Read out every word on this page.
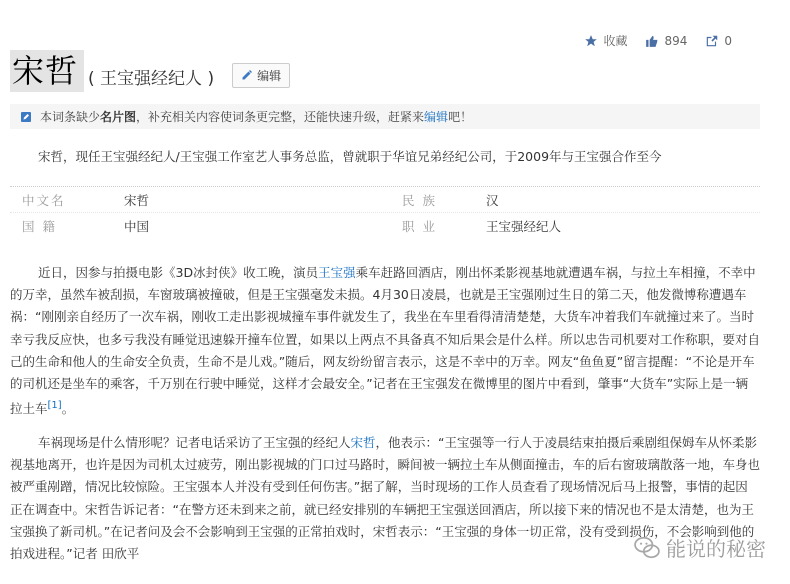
收藏	894	0
宋哲 ( 王宝强经纪人 )	编辑
本词条缺少 名片图 ，补充相关内容使词条更完整，还能快速升级，赶紧来 编辑 吧！
宋哲，现任王宝强经纪人/王宝强工作室艺人事务总监，曾就职于华谊兄弟经纪公司，于2009年与王宝强合作至今
中文名	宋哲	民 族	汉
国 籍	中国	职 业	王宝强经纪人

近日，因参与拍摄电影《3D冰封侠》收工晚，演员王宝强乘车赶路回酒店，刚出怀柔影视基地就遭遇车祸，与拉土车相撞，不幸中的万幸，虽然车被刮损，车窗玻璃被撞破，但是王宝强毫发未损。4月30日凌晨，也就是王宝强刚过生日的第二天，他发微博称遭遇车祸：“刚刚亲自经历了一次车祸，刚收工走出影视城撞车事件就发生了，我坐在车里看得清清楚楚，大货车冲着我们车就撞过来了。当时幸亏我反应快，也多亏我没有睡觉迅速躲开撞车位置，如果以上两点不具备真不知后果会是什么样。所以忠告司机要对工作称职，要对自己的生命和他人的生命安全负责，生命不是儿戏。”随后，网友纷纷留言表示，这是不幸中的万幸。网友“鱼鱼夏”留言提醒：“不论是开车的司机还是坐车的乘客，千万别在行驶中睡觉，这样才会最安全。”记者在王宝强发在微博里的图片中看到，肇事“大货车”实际上是一辆拉土车[1]。

车祸现场是什么情形呢？记者电话采访了王宝强的经纪人宋哲，他表示：“王宝强等一行人于凌晨结束拍摄后乘剧组保姆车从怀柔影视基地离开，也许是因为司机太过疲劳，刚出影视城的门口过马路时，瞬间被一辆拉土车从侧面撞击，车的后右窗玻璃散落一地，车身也被严重剐蹭，情况比较惊险。王宝强本人并没有受到任何伤害。”据了解，当时现场的工作人员查看了现场情况后马上报警，事情的起因正在调查中。宋哲告诉记者：“在警方还未到来之前，就已经安排别的车辆把王宝强送回酒店，所以接下来的情况也不是太清楚，也为王宝强换了新司机。”在记者问及会不会影响到王宝强的正常拍戏时，宋哲表示：“王宝强的身体一切正常，没有受到损伤，不会影响到他的拍戏进程。”记者 田欣平	能说的秘密
